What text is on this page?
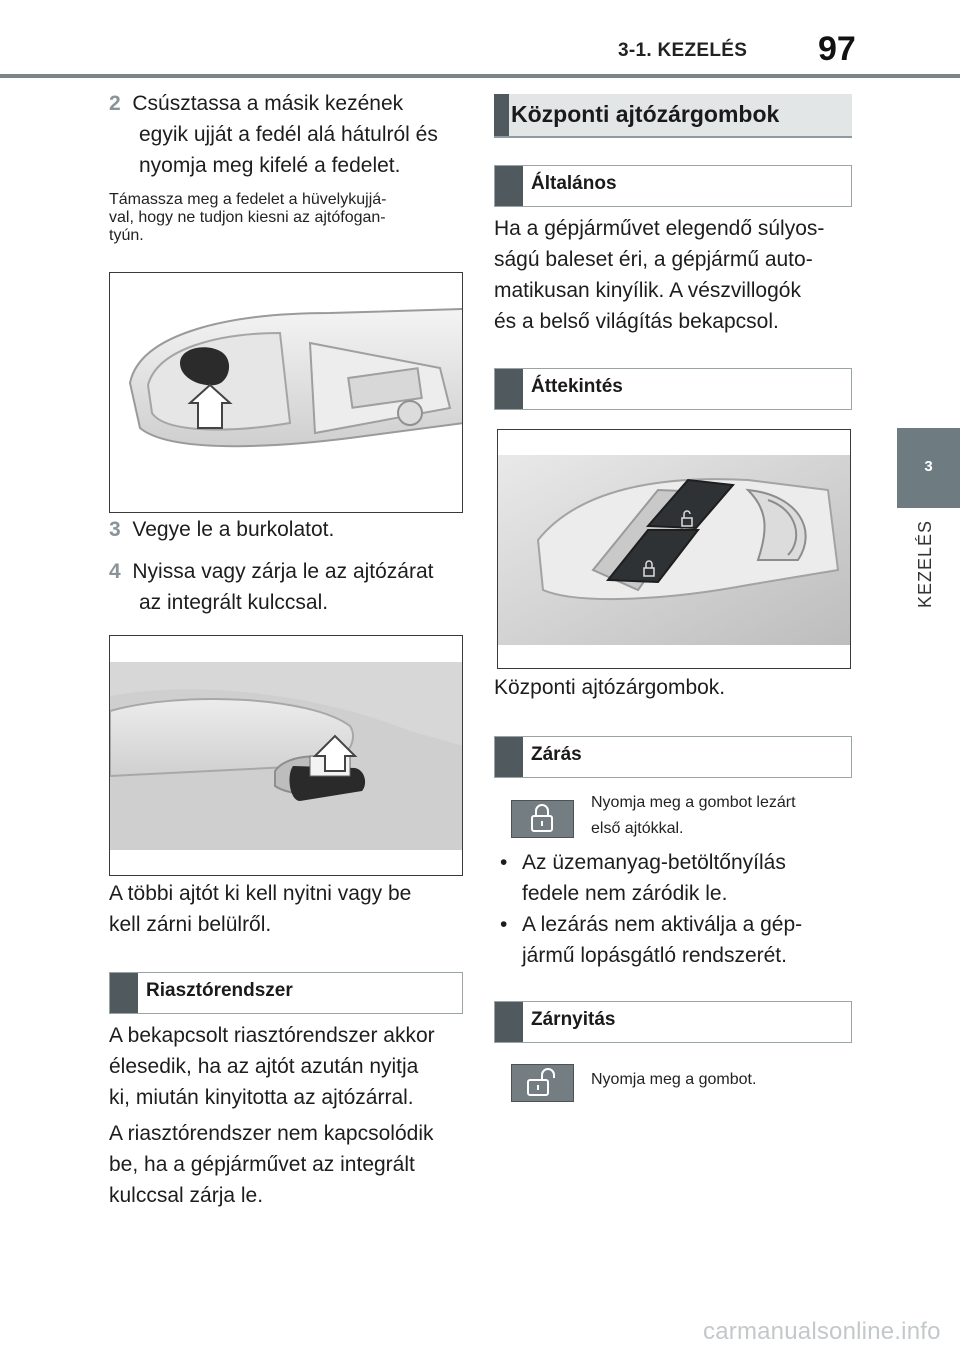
3-1. KEZELÉS 97
3
KEZELÉS
2 Csúsztassa a másik kezének
egyik ujját a fedél alá hátulról és
nyomja meg kifelé a fedelet.
Támassza meg a fedelet a hüvelykujjá-
val, hogy ne tudjon kiesni az ajtófogan-
tyún.
3 Vegye le a burkolatot.
4 Nyissa vagy zárja le az ajtózárat
az integrált kulccsal.
A többi ajtót ki kell nyitni vagy be
kell zárni belülről.
Riasztórendszer
A bekapcsolt riasztórendszer akkor
élesedik, ha az ajtót azután nyitja
ki, miután kinyitotta az ajtózárral.
A riasztórendszer nem kapcsolódik
be, ha a gépjárművet az integrált
kulccsal zárja le.
Központi ajtózárgombok
Általános
Ha a gépjárművet elegendő súlyos-
ságú baleset éri, a gépjármű auto-
matikusan kinyílik. A vészvillogók
és a belső világítás bekapcsol.
Áttekintés
Központi ajtózárgombok.
Zárás
Nyomja meg a gombot lezárt
első ajtókkal.
• Az üzemanyag-betöltőnyílás
fedele nem záródik le.
• A lezárás nem aktiválja a gép-
jármű lopásgátló rendszerét.
Zárnyitás
Nyomja meg a gombot.
carmanualsonline.info
